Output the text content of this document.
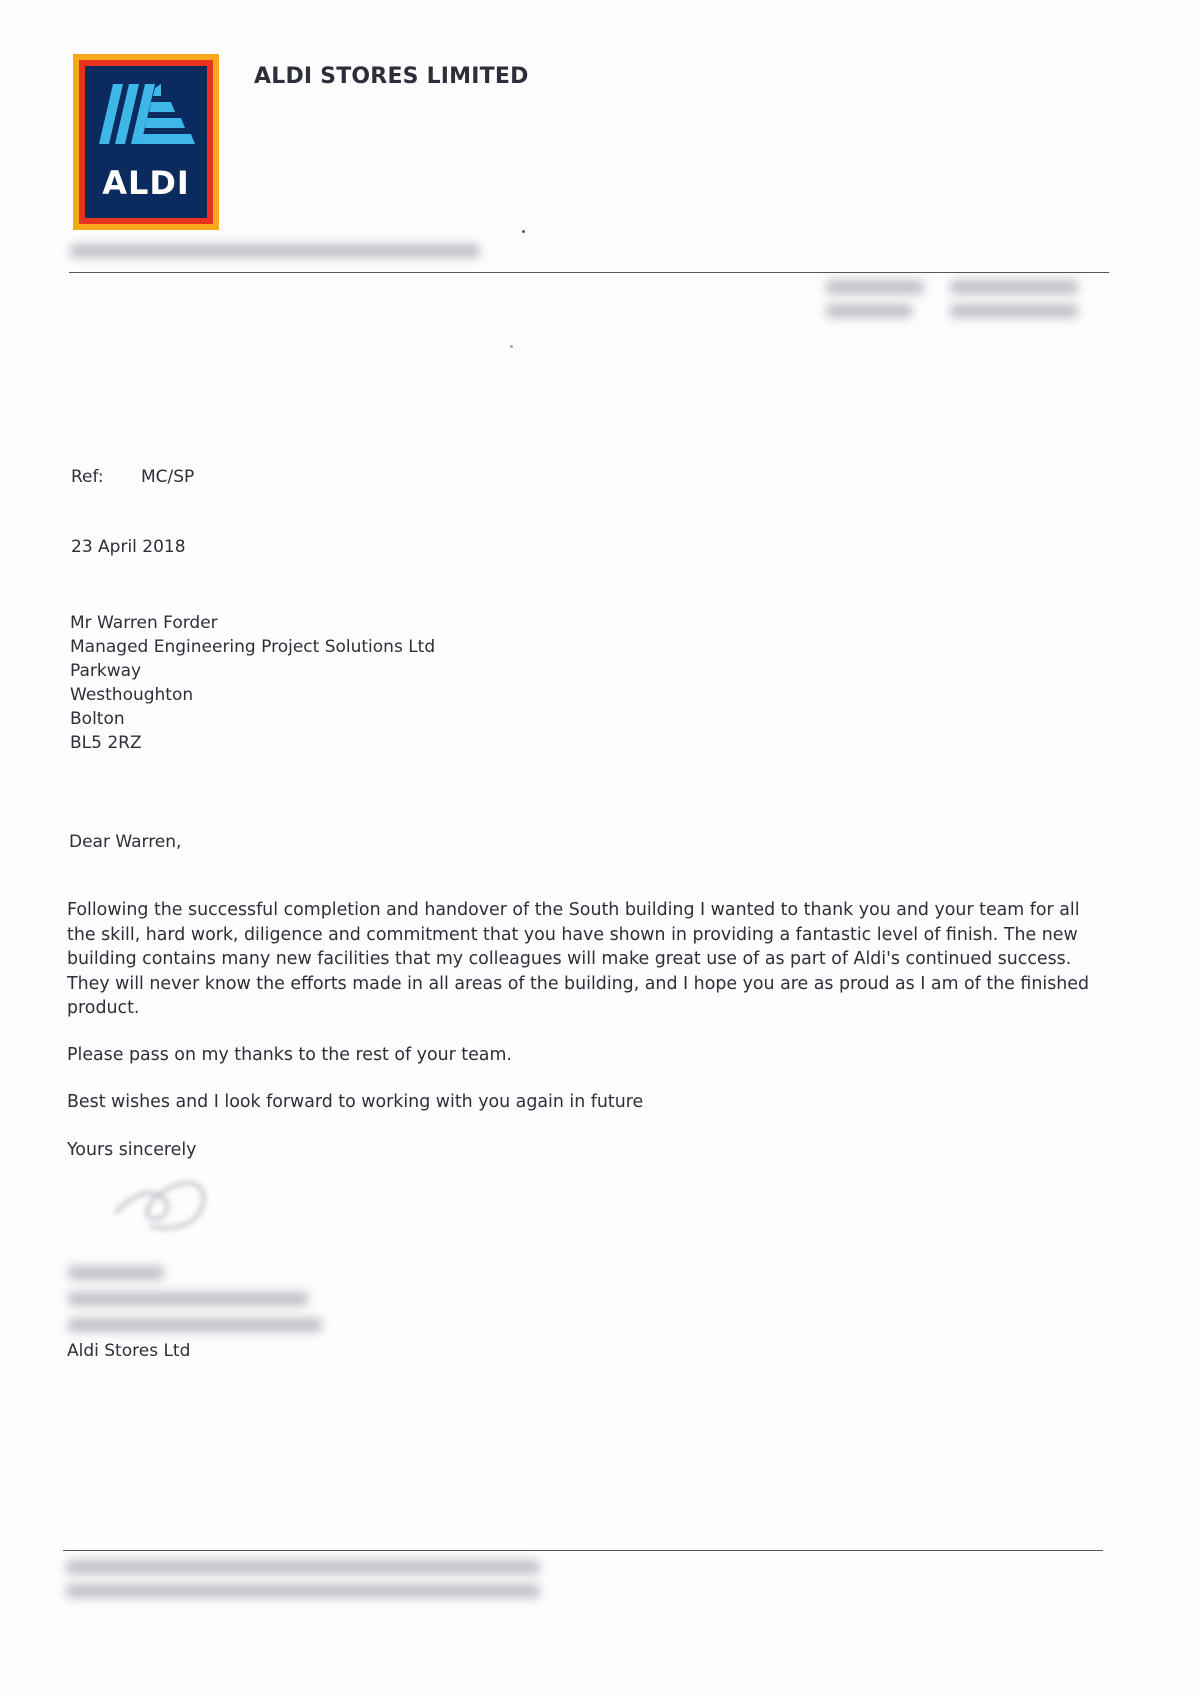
ALDI
ALDI STORES LIMITED
Ref: MC/SP
23 April 2018
Mr Warren Forder
Managed Engineering Project Solutions Ltd
Parkway
Westhoughton
Bolton
BL5 2RZ
Dear Warren,
Following the successful completion and handover of the South building I wanted to thank you and your team for all the skill, hard work, diligence and commitment that you have shown in providing a fantastic level of finish. The new building contains many new facilities that my colleagues will make great use of as part of Aldi's continued success. They will never know the efforts made in all areas of the building, and I hope you are as proud as I am of the finished product.
Please pass on my thanks to the rest of your team.
Best wishes and I look forward to working with you again in future
Yours sincerely
Aldi Stores Ltd
